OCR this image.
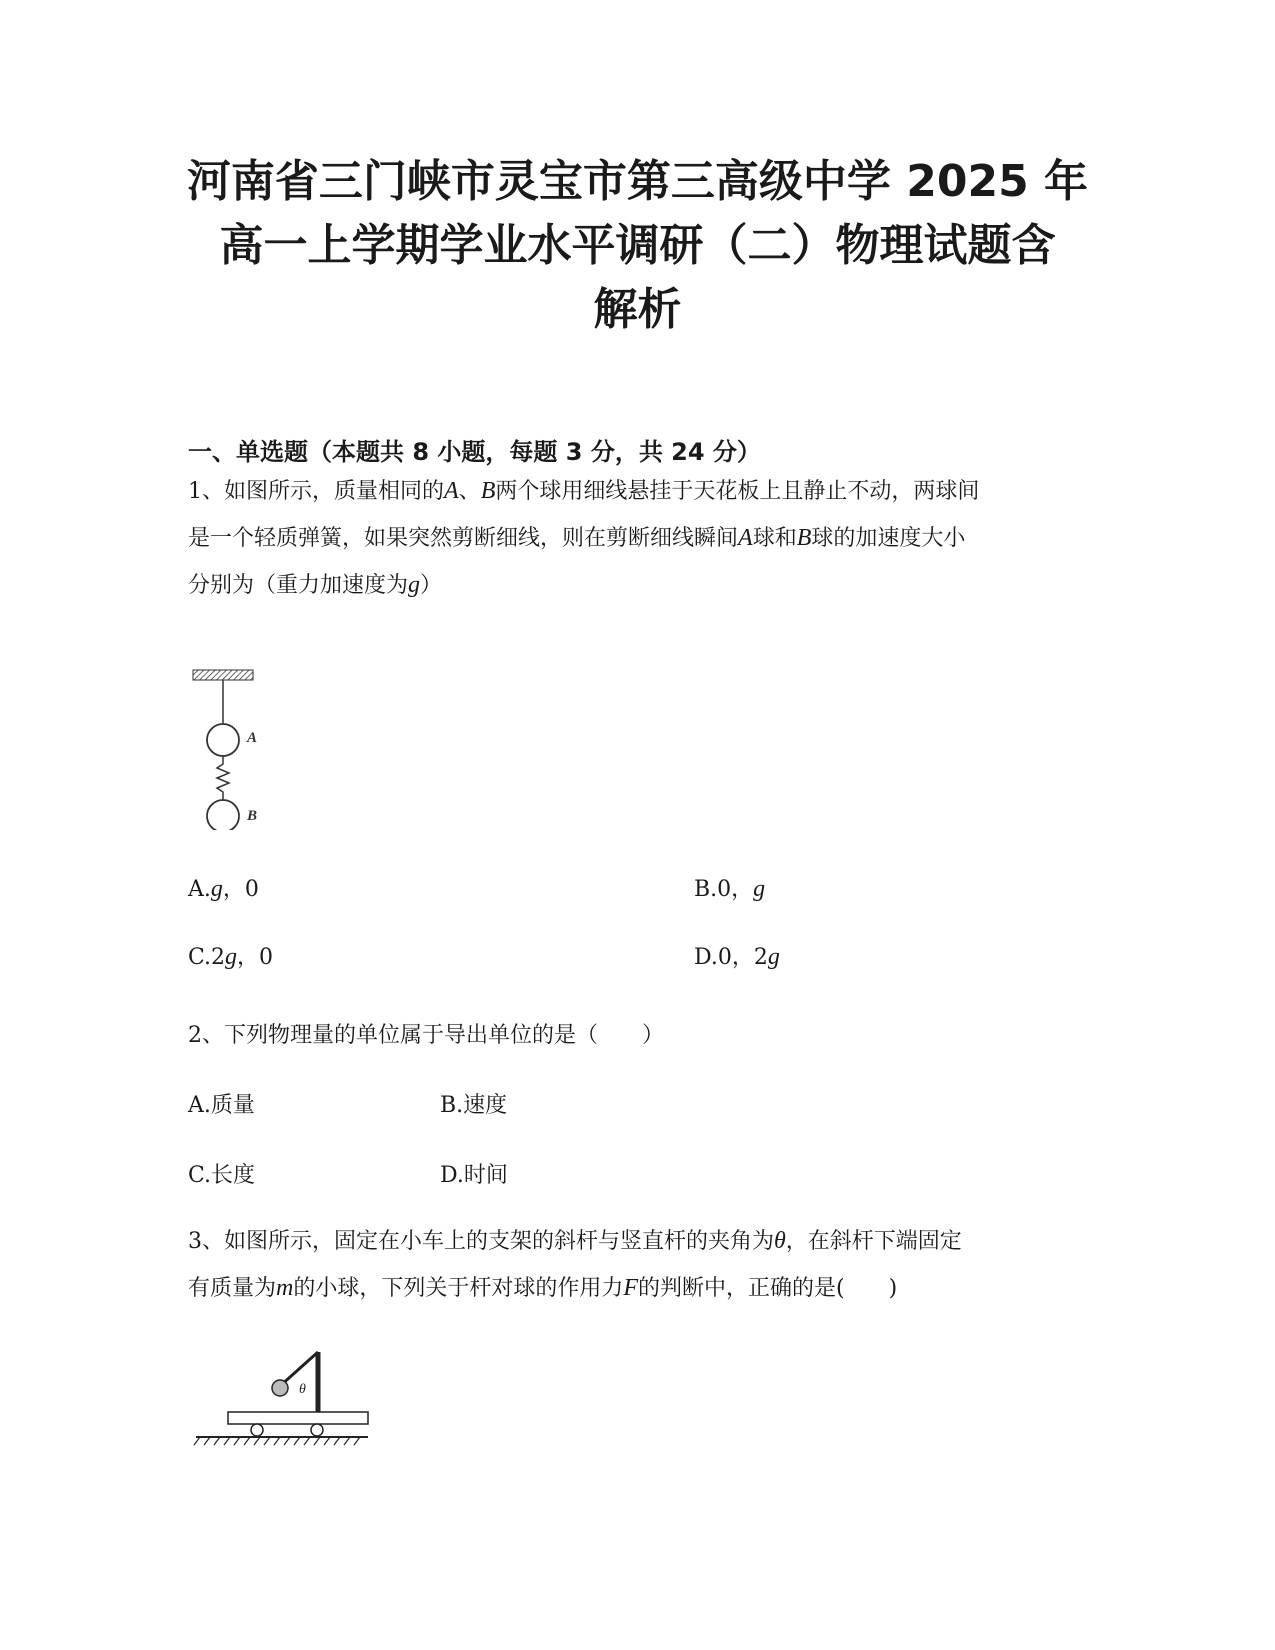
河南省三门峡市灵宝市第三高级中学 2025 年
高一上学期学业水平调研（二）物理试题含
解析
一、单选题（本题共 8 小题，每题 3 分，共 24 分）
1、如图所示，质量相同的A、B两个球用细线悬挂于天花板上且静止不动，两球间
是一个轻质弹簧，如果突然剪断细线，则在剪断细线瞬间A球和B球的加速度大小
分别为（重力加速度为g）
A
B
A.g，0	B.0，g
C.2g，0	D.0，2g
2、下列物理量的单位属于导出单位的是（　　）
A.质量	B.速度
C.长度	D.时间
3、如图所示，固定在小车上的支架的斜杆与竖直杆的夹角为θ，在斜杆下端固定
有质量为m的小球，下列关于杆对球的作用力F的判断中，正确的是(　　)
θ
